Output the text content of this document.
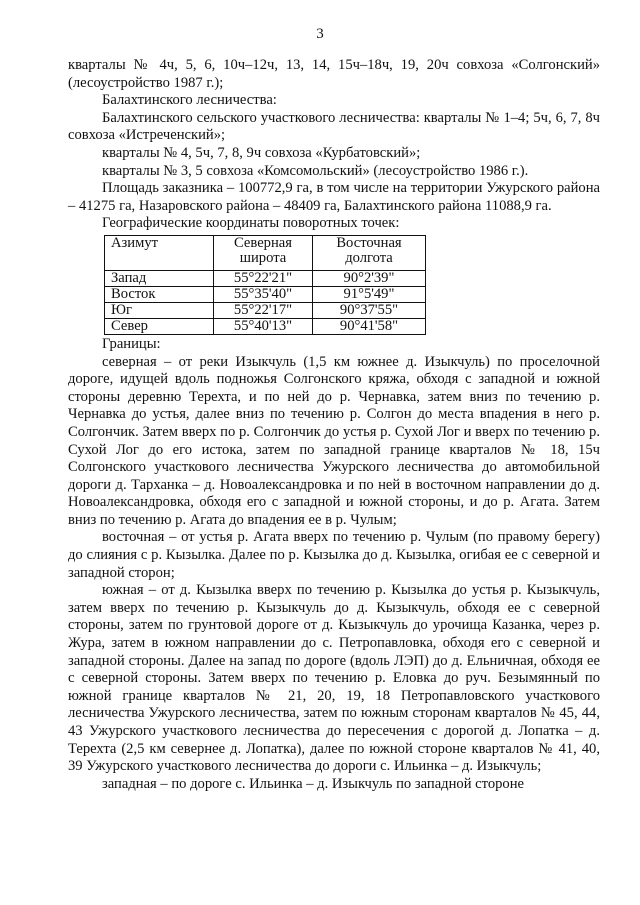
3

кварталы № 4ч, 5, 6, 10ч–12ч, 13, 14, 15ч–18ч, 19, 20ч совхоза «Солгонский» (лесоустройство 1987 г.);

Балахтинского лесничества:

Балахтинского сельского участкового лесничества: кварталы № 1–4; 5ч, 6, 7, 8ч совхоза «Истреченский»;

кварталы № 4, 5ч, 7, 8, 9ч совхоза «Курбатовский»;

кварталы № 3, 5 совхоза «Комсомольский» (лесоустройство 1986 г.).

Площадь заказника – 100772,9 га, в том числе на территории Ужурского района – 41275 га, Назаровского района – 48409 га, Балахтинского района 11088,9 га.

Географические координаты поворотных точек:

Азимут	Северная широта	Восточная долгота
Запад	55°22'21"	90°2'39"
Восток	55°35'40"	91°5'49"
Юг	55°22'17"	90°37'55"
Север	55°40'13"	90°41'58"

Границы:

северная – от реки Изыкчуль (1,5 км южнее д. Изыкчуль) по проселочной дороге, идущей вдоль подножья Солгонского кряжа, обходя с западной и южной стороны деревню Терехта, и по ней до р. Чернавка, затем вниз по течению р. Чернавка до устья, далее вниз по течению р. Солгон до места впадения в него р. Солгончик. Затем вверх по р. Солгончик до устья р. Сухой Лог и вверх по течению р. Сухой Лог до его истока, затем по западной границе кварталов № 18, 15ч Солгонского участкового лесничества Ужурского лесничества до автомобильной дороги д. Тарханка – д. Новоалександровка и по ней в восточном направлении до д. Новоалександровка, обходя его с западной и южной стороны, и до р. Агата. Затем вниз по течению р. Агата до впадения ее в р. Чулым;

восточная – от устья р. Агата вверх по течению р. Чулым (по правому берегу) до слияния с р. Кызылка. Далее по р. Кызылка до д. Кызылка, огибая ее с северной и западной сторон;

южная – от д. Кызылка вверх по течению р. Кызылка до устья р. Кызыкчуль, затем вверх по течению р. Кызыкчуль до д. Кызыкчуль, обходя ее с северной стороны, затем по грунтовой дороге от д. Кызыкчуль до урочища Казанка, через р. Жура, затем в южном направлении до с. Петропавловка, обходя его с северной и западной стороны. Далее на запад по дороге (вдоль ЛЭП) до д. Ельничная, обходя ее с северной стороны. Затем вверх по течению р. Еловка до руч. Безымянный по южной границе кварталов № 21, 20, 19, 18 Петропавловского участкового лесничества Ужурского лесничества, затем по южным сторонам кварталов № 45, 44, 43 Ужурского участкового лесничества до пересечения с дорогой д. Лопатка – д. Терехта (2,5 км севернее д. Лопатка), далее по южной стороне кварталов № 41, 40, 39 Ужурского участкового лесничества до дороги с. Ильинка – д. Изыкчуль;

западная – по дороге с. Ильинка – д. Изыкчуль по западной стороне
